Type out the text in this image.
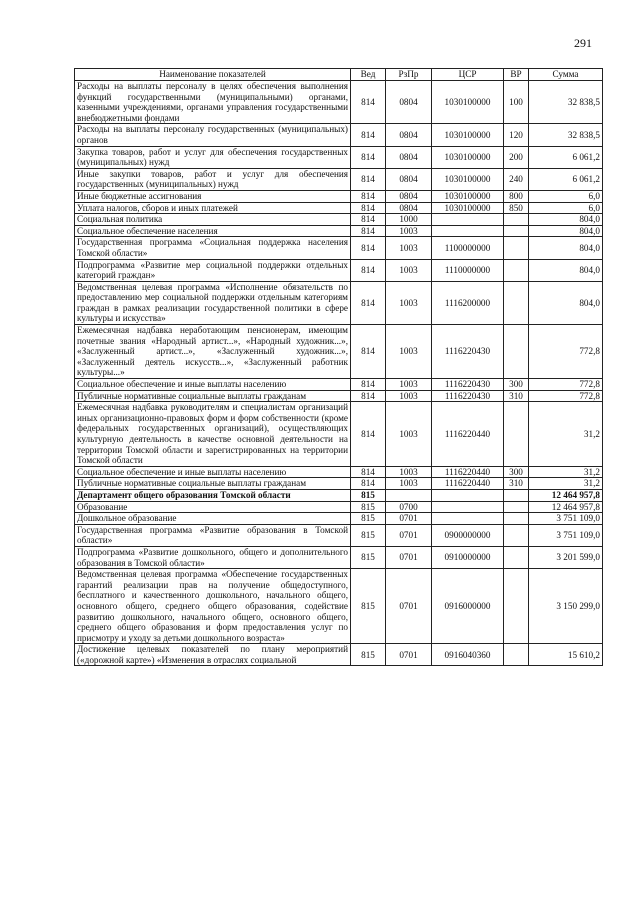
291
Наименование показателей	Вед	РзПр	ЦСР	ВР	Сумма
Расходы на выплаты персоналу в целях обеспечения выполнения функций государственными (муниципальными) органами, казенными учреждениями, органами управления государственными внебюджетными фондами	814	0804	1030100000	100	32 838,5
Расходы на выплаты персоналу государственных (муниципальных) органов	814	0804	1030100000	120	32 838,5
Закупка товаров, работ и услуг для обеспечения государственных (муниципальных) нужд	814	0804	1030100000	200	6 061,2
Иные закупки товаров, работ и услуг для обеспечения государственных (муниципальных) нужд	814	0804	1030100000	240	6 061,2
Иные бюджетные ассигнования	814	0804	1030100000	800	6,0
Уплата налогов, сборов и иных платежей	814	0804	1030100000	850	6,0
Социальная политика	814	1000			804,0
Социальное обеспечение населения	814	1003			804,0
Государственная программа «Социальная поддержка населения Томской области»	814	1003	1100000000		804,0
Подпрограмма «Развитие мер социальной поддержки отдельных категорий граждан»	814	1003	1110000000		804,0
Ведомственная целевая программа «Исполнение обязательств по предоставлению мер социальной поддержки отдельным категориям граждан в рамках реализации государственной политики в сфере культуры и искусства»	814	1003	1116200000		804,0
Ежемесячная надбавка неработающим пенсионерам, имеющим почетные звания «Народный артист...», «Народный художник...», «Заслуженный артист...», «Заслуженный художник...», «Заслуженный деятель искусств...», «Заслуженный работник культуры...»	814	1003	1116220430		772,8
Социальное обеспечение и иные выплаты населению	814	1003	1116220430	300	772,8
Публичные нормативные социальные выплаты гражданам	814	1003	1116220430	310	772,8
Ежемесячная надбавка руководителям и специалистам организаций иных организационно-правовых форм и форм собственности (кроме федеральных государственных организаций), осуществляющих культурную деятельность в качестве основной деятельности на территории Томской области и зарегистрированных на территории Томской области	814	1003	1116220440		31,2
Социальное обеспечение и иные выплаты населению	814	1003	1116220440	300	31,2
Публичные нормативные социальные выплаты гражданам	814	1003	1116220440	310	31,2
Департамент общего образования Томской области	815				12 464 957,8
Образование	815	0700			12 464 957,8
Дошкольное образование	815	0701			3 751 109,0
Государственная программа «Развитие образования в Томской области»	815	0701	0900000000		3 751 109,0
Подпрограмма «Развитие дошкольного, общего и дополнительного образования в Томской области»	815	0701	0910000000		3 201 599,0
Ведомственная целевая программа «Обеспечение государственных гарантий реализации прав на получение общедоступного, бесплатного и качественного дошкольного, начального общего, основного общего, среднего общего образования, содействие развитию дошкольного, начального общего, основного общего, среднего общего образования и форм предоставления услуг по присмотру и уходу за детьми дошкольного возраста»	815	0701	0916000000		3 150 299,0
Достижение целевых показателей по плану мероприятий («дорожной карте») «Изменения в отраслях социальной	815	0701	0916040360		15 610,2
